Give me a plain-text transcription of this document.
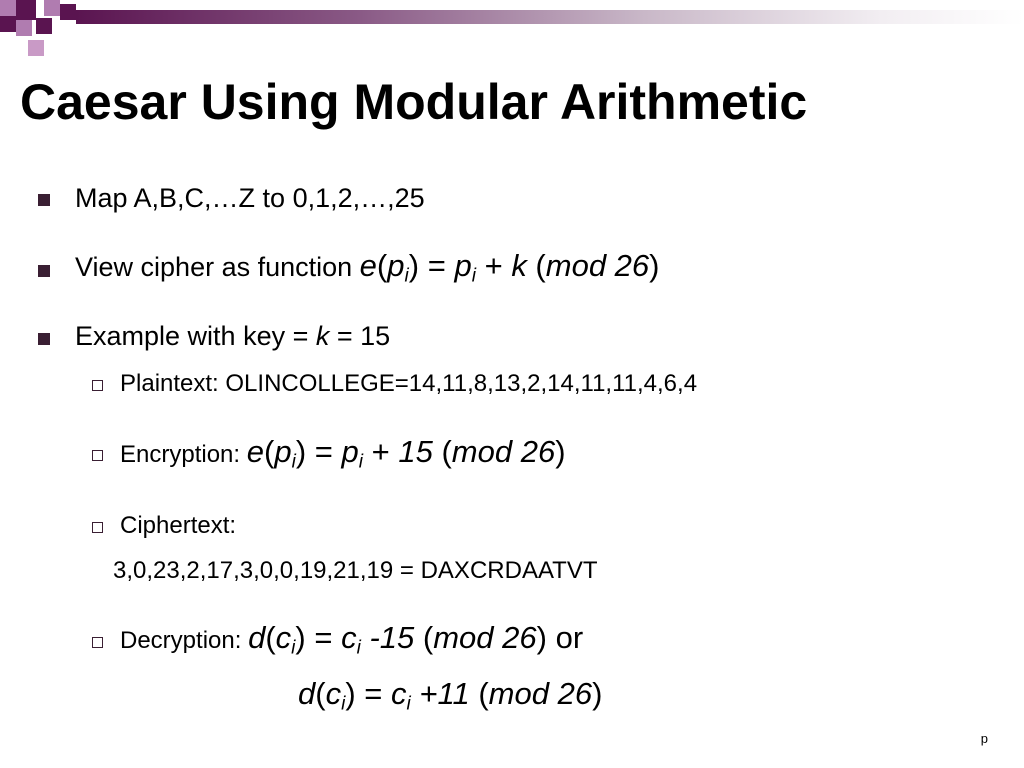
Caesar Using Modular Arithmetic
Map A,B,C,…Z to 0,1,2,…,25
View cipher as function $e(p_i) = p_i + k$ (mod 26)
Example with key = k = 15
Plaintext: OLINCOLLEGE=14,11,8,13,2,14,11,11,4,6,4
Encryption: $e(p_i) = p_i + 15$ (mod 26)
Ciphertext:
3,0,23,2,17,3,0,0,19,21,19 = DAXCRDAATVT
Decryption: $d(c_i) = c_i$ -15 (mod 26) or
$d(c_i) = c_i +11$ (mod 26)
p
